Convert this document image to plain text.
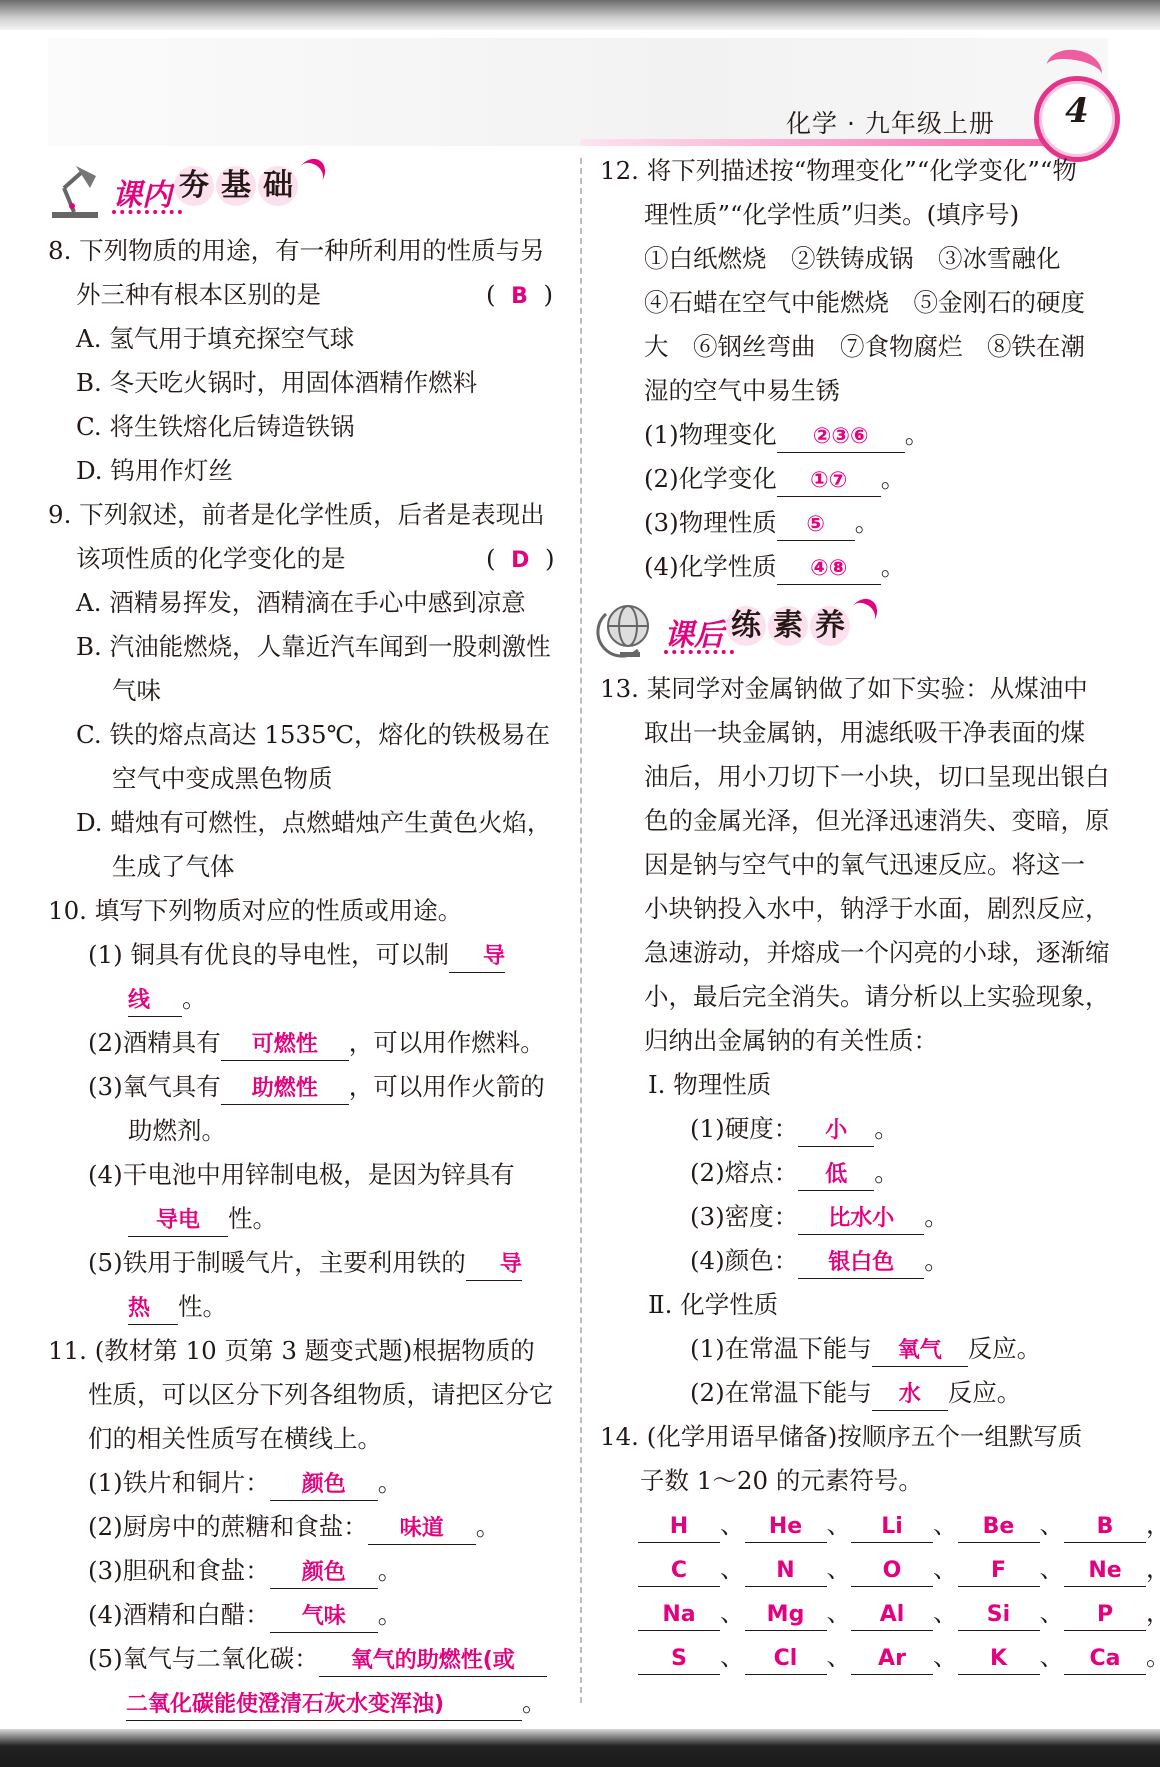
化学 · 九年级上册	4
课内 夯 基 础
8. 下列物质的用途，有一种所利用的性质与另
外三种有根本区别的是	(  B  )
A. 氢气用于填充探空气球
B. 冬天吃火锅时，用固体酒精作燃料
C. 将生铁熔化后铸造铁锅
D. 钨用作灯丝
9. 下列叙述，前者是化学性质，后者是表现出
该项性质的化学变化的是	(  D  )
A. 酒精易挥发，酒精滴在手心中感到凉意
B. 汽油能燃烧，人靠近汽车闻到一股刺激性
气味
C. 铁的熔点高达 1535℃，熔化的铁极易在
空气中变成黑色物质
D. 蜡烛有可燃性，点燃蜡烛产生黄色火焰，
生成了气体
10. 填写下列物质对应的性质或用途。
(1) 铜具有优良的导电性，可以制 导
线 。
(2)酒精具有 可燃性 ，可以用作燃料。
(3)氧气具有 助燃性 ，可以用作火箭的
助燃剂。
(4)干电池中用锌制电极，是因为锌具有
导电 性。
(5)铁用于制暖气片，主要利用铁的 导
热 性。
11. (教材第 10 页第 3 题变式题)根据物质的
性质，可以区分下列各组物质，请把区分它
们的相关性质写在横线上。
(1)铁片和铜片： 颜色 。
(2)厨房中的蔗糖和食盐： 味道 。
(3)胆矾和食盐： 颜色 。
(4)酒精和白醋： 气味 。
(5)氧气与二氧化碳： 氧气的助燃性(或
二氧化碳能使澄清石灰水变浑浊)	。
12. 将下列描述按“物理变化”“化学变化”“物
理性质”“化学性质”归类。(填序号)
①白纸燃烧　②铁铸成锅　③冰雪融化
④石蜡在空气中能燃烧　⑤金刚石的硬度
大　⑥钢丝弯曲　⑦食物腐烂　⑧铁在潮
湿的空气中易生锈
(1)物理变化 ②③⑥ 。
(2)化学变化 ①⑦ 。
(3)物理性质 ⑤ 。
(4)化学性质 ④⑧ 。
课后 练 素 养
13. 某同学对金属钠做了如下实验：从煤油中
取出一块金属钠，用滤纸吸干净表面的煤
油后，用小刀切下一小块，切口呈现出银白
色的金属光泽，但光泽迅速消失、变暗，原
因是钠与空气中的氧气迅速反应。将这一
小块钠投入水中，钠浮于水面，剧烈反应，
急速游动，并熔成一个闪亮的小球，逐渐缩
小，最后完全消失。请分析以上实验现象，
归纳出金属钠的有关性质：
Ⅰ. 物理性质
(1)硬度： 小 。
(2)熔点： 低 。
(3)密度： 比水小 。
(4)颜色： 银白色 。
Ⅱ. 化学性质
(1)在常温下能与 氧气 反应。
(2)在常温下能与 水 反应。
14. (化学用语早储备)按顺序五个一组默写质
子数 1～20 的元素符号。
H 、 He 、 Li 、 Be 、 B ，
C 、 N 、 O 、 F 、 Ne ，
Na 、 Mg 、 Al 、 Si 、 P ，
S 、 Cl 、 Ar 、 K 、 Ca 。
